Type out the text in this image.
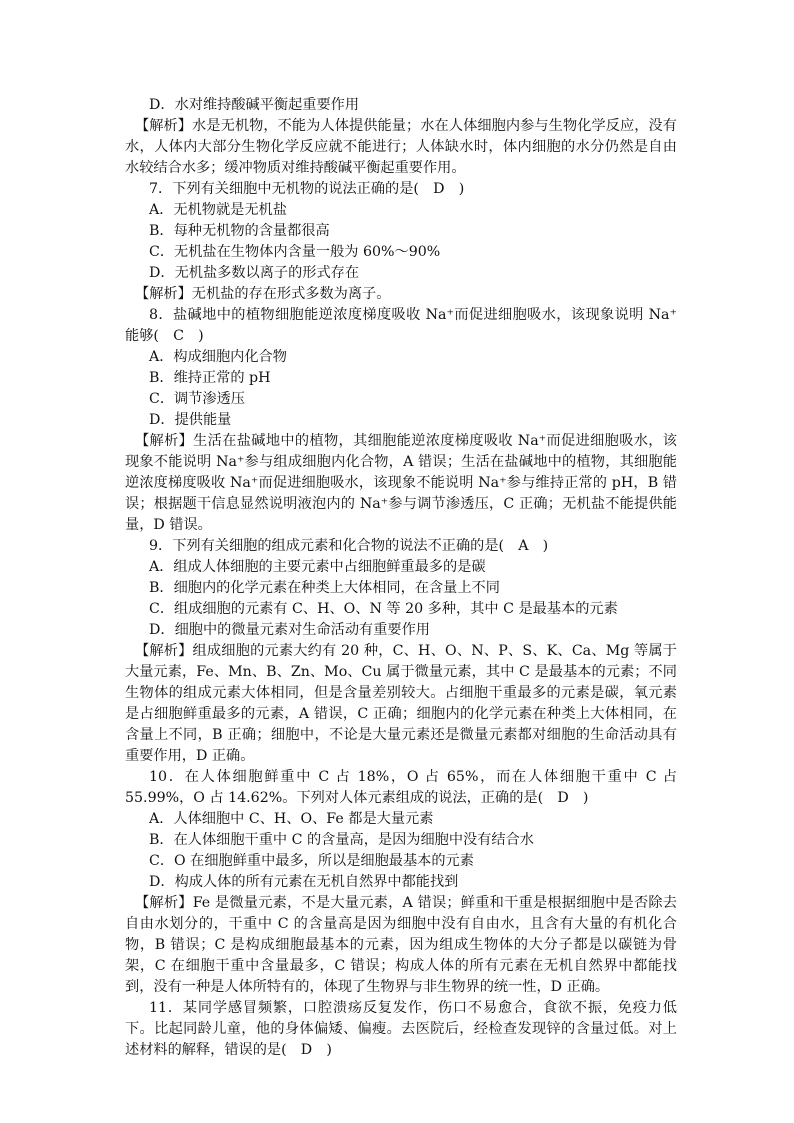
D．水对维持酸碱平衡起重要作用

【解析】水是无机物，不能为人体提供能量；水在人体细胞内参与生物化学反应，没有水，人体内大部分生物化学反应就不能进行；人体缺水时，体内细胞的水分仍然是自由水较结合水多；缓冲物质对维持酸碱平衡起重要作用。

7．下列有关细胞中无机物的说法正确的是(　D　)

A．无机物就是无机盐

B．每种无机物的含量都很高

C．无机盐在生物体内含量一般为 60%～90%

D．无机盐多数以离子的形式存在

【解析】无机盐的存在形式多数为离子。

8．盐碱地中的植物细胞能逆浓度梯度吸收 Na⁺而促进细胞吸水，该现象说明 Na⁺能够(　C　)

A．构成细胞内化合物

B．维持正常的 pH

C．调节渗透压

D．提供能量

【解析】生活在盐碱地中的植物，其细胞能逆浓度梯度吸收 Na⁺而促进细胞吸水，该现象不能说明 Na⁺参与组成细胞内化合物，A 错误；生活在盐碱地中的植物，其细胞能逆浓度梯度吸收 Na⁺而促进细胞吸水，该现象不能说明 Na⁺参与维持正常的 pH，B 错误；根据题干信息显然说明液泡内的 Na⁺参与调节渗透压，C 正确；无机盐不能提供能量，D 错误。

9．下列有关细胞的组成元素和化合物的说法不正确的是(　A　)

A．组成人体细胞的主要元素中占细胞鲜重最多的是碳

B．细胞内的化学元素在种类上大体相同，在含量上不同

C．组成细胞的元素有 C、H、O、N 等 20 多种，其中 C 是最基本的元素

D．细胞中的微量元素对生命活动有重要作用

【解析】组成细胞的元素大约有 20 种，C、H、O、N、P、S、K、Ca、Mg 等属于大量元素，Fe、Mn、B、Zn、Mo、Cu 属于微量元素，其中 C 是最基本的元素；不同生物体的组成元素大体相同，但是含量差别较大。占细胞干重最多的元素是碳，氧元素是占细胞鲜重最多的元素，A 错误，C 正确；细胞内的化学元素在种类上大体相同，在含量上不同，B 正确；细胞中，不论是大量元素还是微量元素都对细胞的生命活动具有重要作用，D 正确。

10．在人体细胞鲜重中 C 占 18%，O 占 65%，而在人体细胞干重中 C 占 55.99%，O 占 14.62%。下列对人体元素组成的说法，正确的是(　D　)

A．人体细胞中 C、H、O、Fe 都是大量元素

B．在人体细胞干重中 C 的含量高，是因为细胞中没有结合水

C．O 在细胞鲜重中最多，所以是细胞最基本的元素

D．构成人体的所有元素在无机自然界中都能找到

【解析】Fe 是微量元素，不是大量元素，A 错误；鲜重和干重是根据细胞中是否除去自由水划分的，干重中 C 的含量高是因为细胞中没有自由水，且含有大量的有机化合物，B 错误；C 是构成细胞最基本的元素，因为组成生物体的大分子都是以碳链为骨架，C 在细胞干重中含量最多，C 错误；构成人体的所有元素在无机自然界中都能找到，没有一种是人体所特有的，体现了生物界与非生物界的统一性，D 正确。

11．某同学感冒频繁，口腔溃疡反复发作，伤口不易愈合，食欲不振，免疫力低下。比起同龄儿童，他的身体偏矮、偏瘦。去医院后，经检查发现锌的含量过低。对上述材料的解释，错误的是(　D　)
